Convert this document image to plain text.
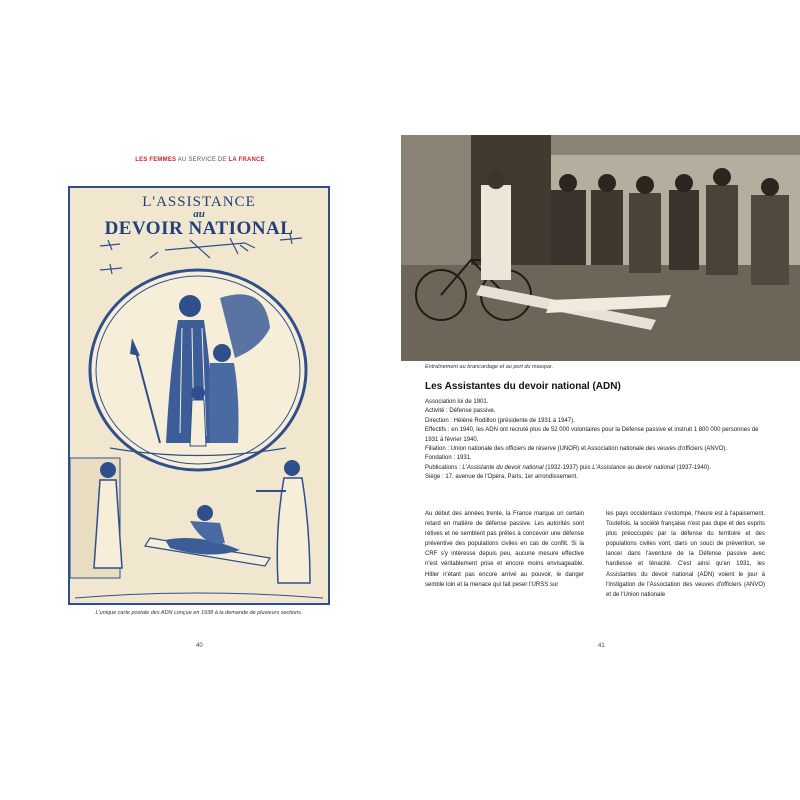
LES FEMMES AU SERVICE DE LA FRANCE
L'ASSISTANCE
au
DEVOIR NATIONAL
L'unique carte postale des ADN conçue en 1938 à la demande de plusieurs sections.
40
Entraînement au brancardage et au port du masque.
Les Assistantes du devoir national (ADN)
Association loi de 1901.
Activité : Défense passive.
Direction : Hélène Rodillon (présidente de 1931 à 1947).
Effectifs : en 1940, les ADN ont recruté plus de 52 000 volontaires pour la Défense passive et instruit 1 800 000 personnes de 1931 à février 1940.
Filiation : Union nationale des officiers de réserve (UNOR) et Association nationale des veuves d'officiers (ANVO).
Fondation : 1931.
Publications : L'Assistante du devoir national (1932-1937) puis L'Assistance au devoir national (1937-1940).
Siège : 17, avenue de l'Opéra, Paris, 1er arrondissement.
Au début des années trente, la France marque un certain retard en matière de défense passive. Les autorités sont rétives et ne semblent pas prêtes à concevoir une défense préventive des populations civiles en cas de conflit. Si la CRF s'y intéresse depuis peu, aucune mesure effective n'est véritablement prise et encore moins envisageable. Hitler n'étant pas encore arrivé au pouvoir, le danger semble loin et la menace qui fait peser l'URSS sur
les pays occidentaux s'estompe, l'heure est à l'apaisement. Toutefois, la société française n'est pas dupe et des esprits plus préoccupés par la défense du territoire et des populations civiles vont, dans un souci de prévention, se lancer dans l'aventure de la Défense passive avec hardiesse et ténacité. C'est ainsi qu'en 1931, les Assistantes du devoir national (ADN) voient le jour à l'instigation de l'Association des veuves d'officiers (ANVO) et de l'Union nationale
41
